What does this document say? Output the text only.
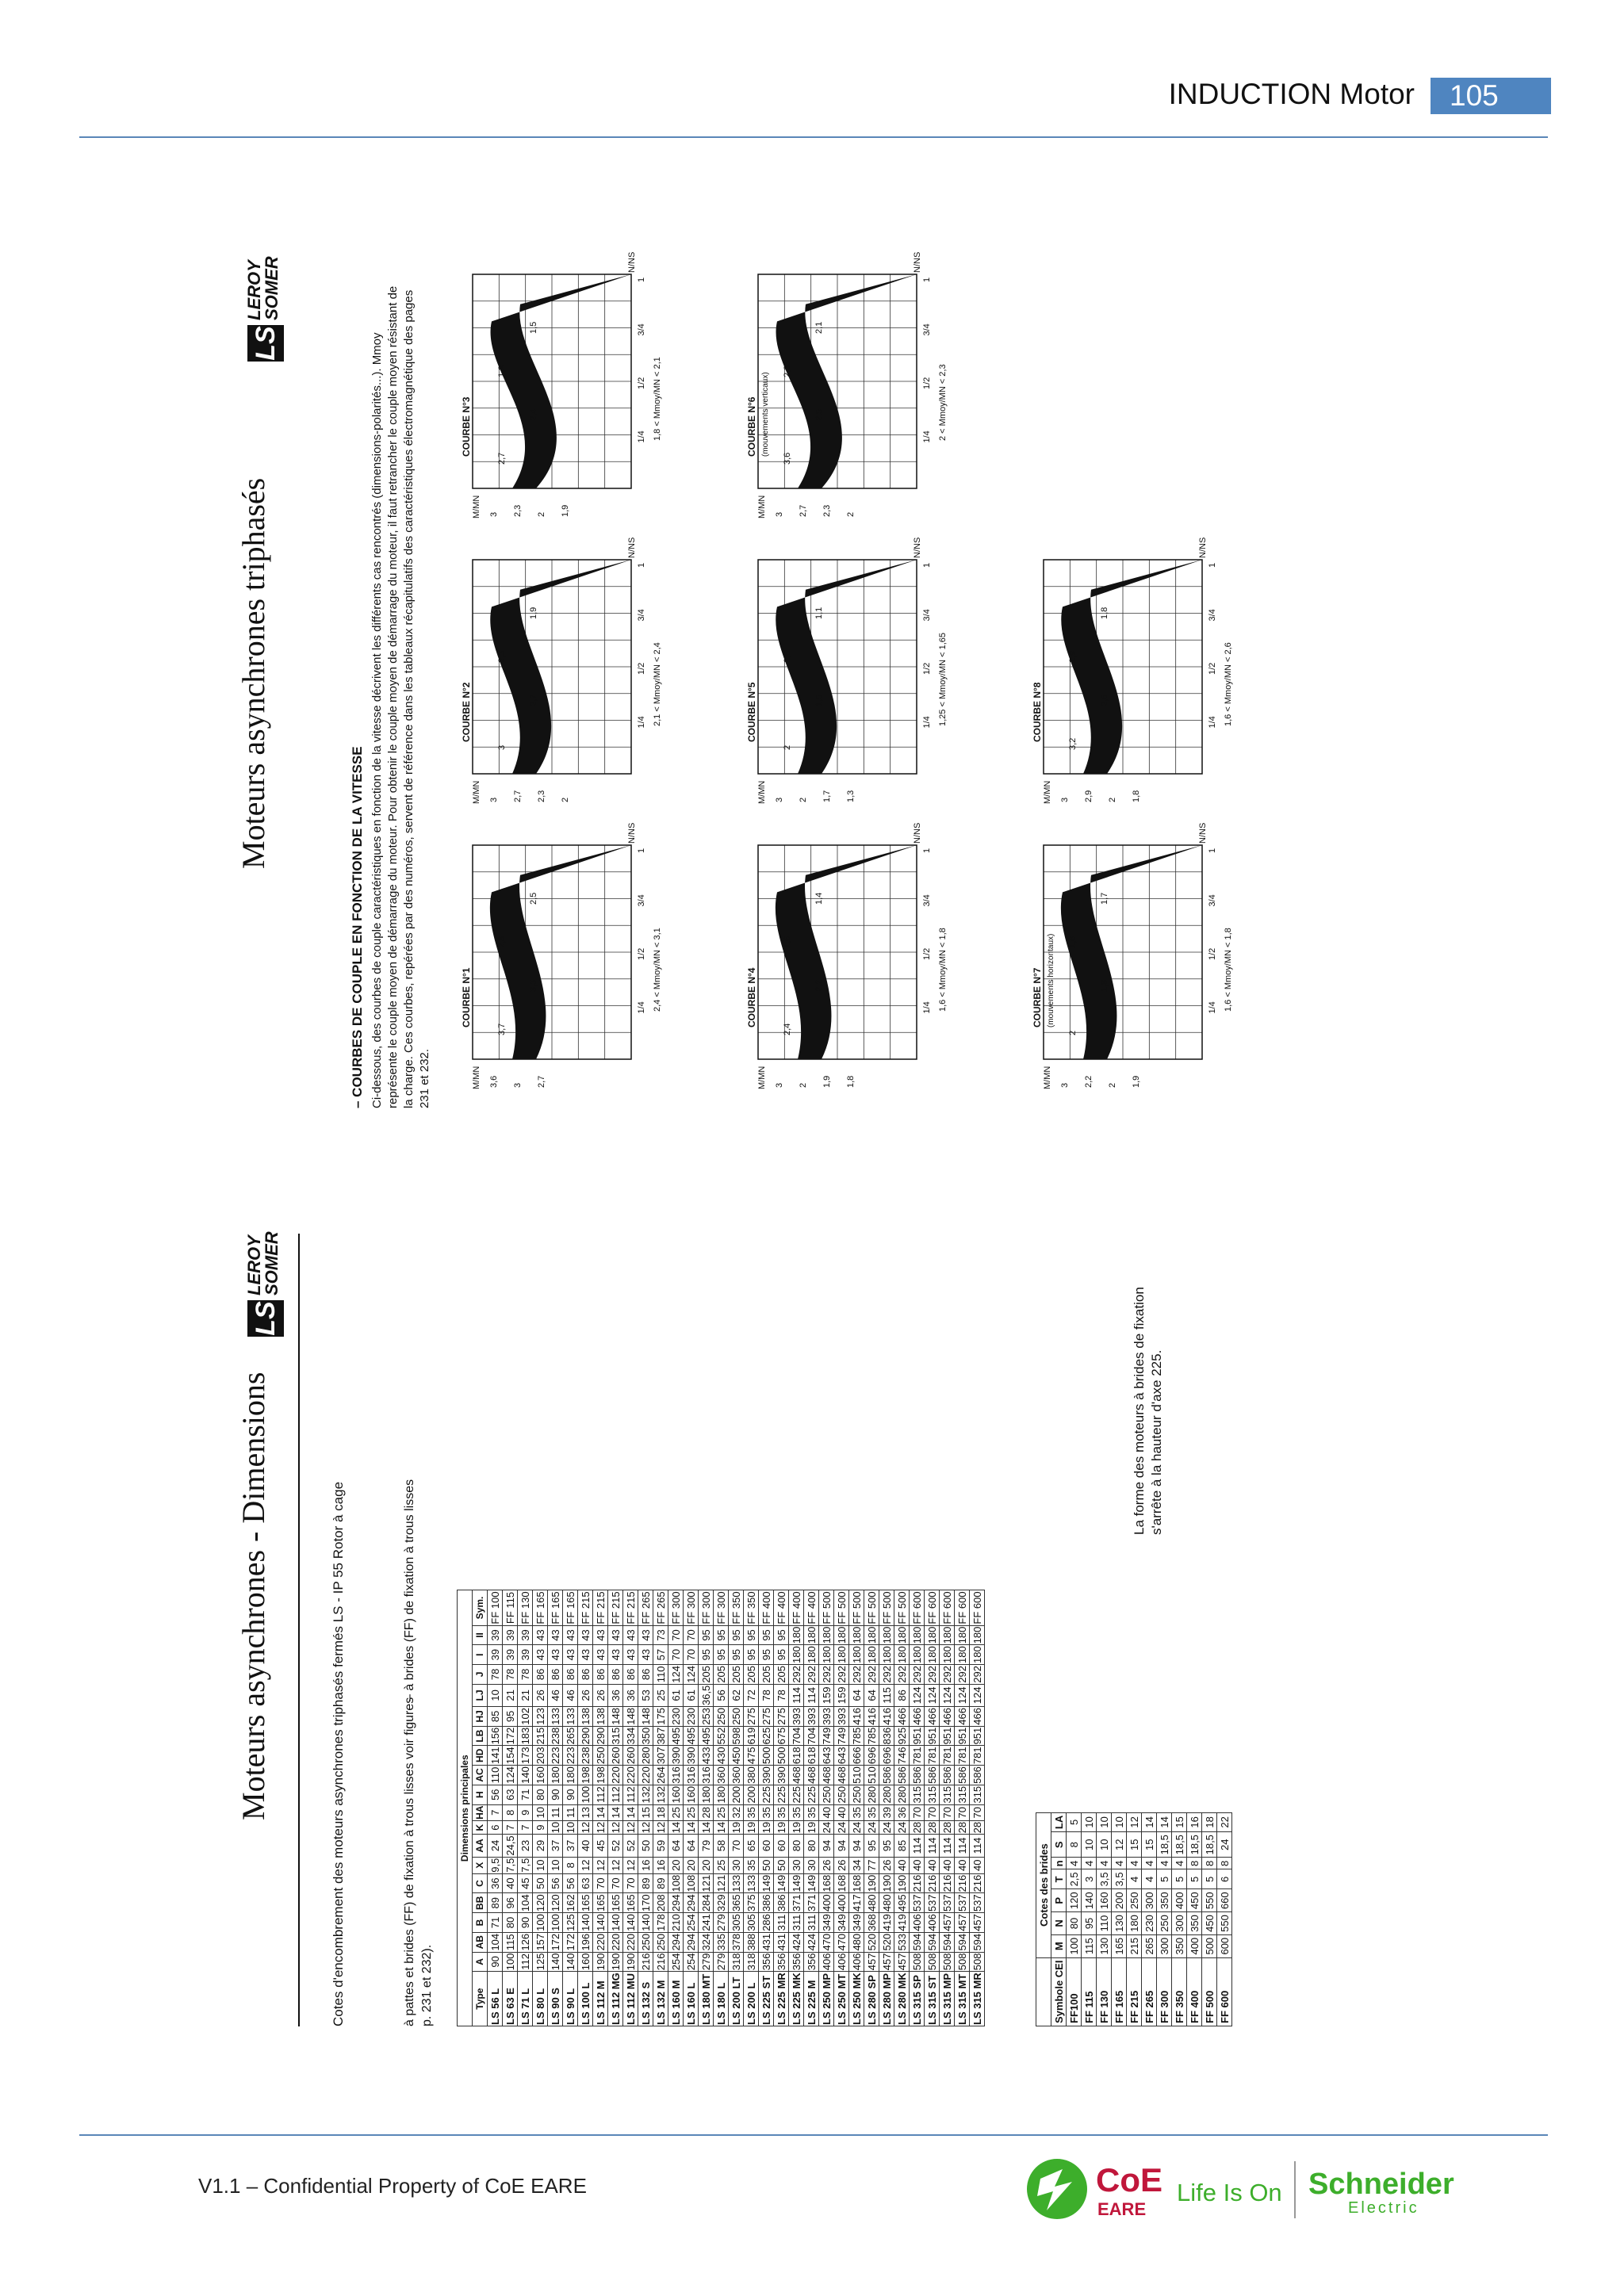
INDUCTION Motor	105
Moteurs asynchrones - Dimensions
LS
LEROY SOMER
Cotes d'encombrement des moteurs asynchrones triphasés fermés LS - IP 55 Rotor à cage	à pattes et brides (FF) de fixation à trous lisses voir figures p. 231 et 232).
– à brides (FF) de fixation à trous lisses
Dimensions principales																			
Type	A	AB	B	BB	C	X	AA	K	HA	H	AC	HD	LB	HJ	LJ	J	I	II	Sym.
LS 56 L	90	104	71	89	36	9,5	24	6	7	56	110	141	156	85	10	78	39	39	FF 100
LS 63 E	100	115	80	96	40	7,5	24,5	7	8	63	124	154	172	95	21	78	39	39	FF 115
LS 71 L	112	126	90	104	45	7,5	23	7	9	71	140	173	183	102	21	78	39	39	FF 130
LS 80 L	125	157	100	120	50	10	29	9	10	80	160	203	215	123	26	86	43	43	FF 165
LS 90 S	140	172	100	120	56	10	37	10	11	90	180	223	238	133	46	86	43	43	FF 165
LS 90 L	140	172	125	162	56	8	37	10	11	90	180	223	265	133	46	86	43	43	FF 165
LS 100 L	160	196	140	165	63	12	40	12	13	100	198	238	290	138	26	86	43	43	FF 215
LS 112 M	190	220	140	165	70	12	45	12	14	112	198	250	290	138	26	86	43	43	FF 215
LS 112 MG	190	220	140	165	70	12	52	12	14	112	220	260	315	148	36	86	43	43	FF 215
LS 112 MU	190	220	140	165	70	12	52	12	14	112	220	260	334	148	36	86	43	43	FF 215
LS 132 S	216	250	140	170	89	16	50	12	15	132	220	280	350	148	53	86	43	43	FF 265
LS 132 M	216	250	178	208	89	16	59	12	18	132	264	307	387	175	25	110	57	73	FF 265
LS 160 M	254	294	210	294	108	20	64	14	25	160	316	390	495	230	61	124	70	70	FF 300
LS 160 L	254	294	254	294	108	20	64	14	25	160	316	390	495	230	61	124	70	70	FF 300
LS 180 MT	279	324	241	284	121	20	79	14	28	180	316	433	495	253	36,5	205	95	95	FF 300
LS 180 L	279	335	279	329	121	25	58	14	25	180	360	430	552	250	56	205	95	95	FF 300
LS 200 LT	318	378	305	365	133	30	70	19	32	200	360	450	598	250	62	205	95	95	FF 350
LS 200 L	318	388	305	375	133	35	65	19	35	200	380	475	619	275	72	205	95	95	FF 350
LS 225 ST	356	431	286	386	149	50	60	19	35	225	390	500	625	275	78	205	95	95	FF 400
LS 225 MR	356	431	311	386	149	50	60	19	35	225	390	500	675	275	78	205	95	95	FF 400
LS 225 MK	356	424	311	371	149	30	80	19	35	225	468	618	704	393	114	292	180	180	FF 400
LS 225 M	356	424	311	371	149	30	80	19	35	225	468	618	704	393	114	292	180	180	FF 400
LS 250 MP	406	470	349	400	168	26	94	24	40	250	468	643	749	393	159	292	180	180	FF 500
LS 250 MT	406	470	349	400	168	26	94	24	40	250	468	643	749	393	159	292	180	180	FF 500
LS 250 MK	406	480	349	417	168	34	94	24	35	250	510	666	785	416	64	292	180	180	FF 500
LS 280 SP	457	520	368	480	190	77	95	24	35	280	510	696	785	416	64	292	180	180	FF 500
LS 280 MP	457	520	419	480	190	26	95	24	39	280	586	696	836	416	115	292	180	180	FF 500
LS 280 MK	457	533	419	495	190	40	85	24	36	280	586	746	925	466	86	292	180	180	FF 500
LS 315 SP	508	594	406	537	216	40	114	28	70	315	586	781	951	466	124	292	180	180	FF 600
LS 315 ST	508	594	406	537	216	40	114	28	70	315	586	781	951	466	124	292	180	180	FF 600
LS 315 MP	508	594	457	537	216	40	114	28	70	315	586	781	951	466	124	292	180	180	FF 600
LS 315 MT	508	594	457	537	216	40	114	28	70	315	586	781	951	466	124	292	180	180	FF 600
LS 315 MR	508	594	457	537	216	40	114	28	70	315	586	781	951	466	124	292	180	180	FF 600
	Cotes des brides						
Symbole CEI	M	N	P	T	n	S	LA
FF100	100	80	120	2,5	4	8	5
FF 115	115	95	140	3	4	10	10
FF 130	130	110	160	3,5	4	10	10
FF 165	165	130	200	3,5	4	12	10
FF 215	215	180	250	4	4	15	12
FF 265	265	230	300	4	4	15	14
FF 300	300	250	350	5	4	18,5	14
FF 350	350	300	400	5	4	18,5	15
FF 400	400	350	450	5	8	18,5	16
FF 500	500	450	550	5	8	18,5	18
FF 600	600	550	660	6	8	24	22
La forme des moteurs à brides de fixation s'arrête à la hauteur d'axe 225.
Moteurs asynchrones triphasés
LS
LEROY SOMER
– COURBES DE COUPLE EN FONCTION DE LA VITESSE Ci-dessous, des courbes de couple caractéristiques en fonction de la vitesse décrivent les différents cas rencontrés (dimensions-polarités...). Mmoy représente le couple moyen de démarrage du moteur. Pour obtenir le couple moyen de démarrage du moteur, il faut retrancher le couple moyen résistant de la charge. Ces courbes, repérées par des numéros, servent de référence dans les tableaux récapitulatifs des caractéristiques électromagnétique des pages 231 et 232.
COURBE N°1
3,6 3 2,7
M/MN
1/4
1/2
3/4
1
N/NS
3,7
3,3
2,8
2,5
2,4 < Mmoy/MN < 3,1
COURBE N°2
3 2,7 2,3 2
M/MN
1/4
1/2
3/4
1
N/NS
3
2,7
2,3
1,9
2,1 < Mmoy/MN < 2,4
COURBE N°3
3 2,3 2 1,9
M/MN
1/4
1/2
3/4
1
N/NS
2,7
2,4
1,9
1,5
1,8 < Mmoy/MN < 2,1
COURBE N°4
3 2 1,9 1,8
M/MN
1/4
1/2
3/4
1
N/NS
2,4
2,2
1,6
1,4
1,6 < Mmoy/MN < 1,8
COURBE N°5
3 2 1,7 1,3
M/MN
1/4
1/2
3/4
1
N/NS
2
1,5
1,6
1,1
1,25 < Mmoy/MN < 1,65
COURBE N°6 (mouvements verticaux)
3 2,7 2,3 2
M/MN
1/4
1/2
3/4
1
N/NS
3,6
2,5
2,35
2,1
2 < Mmoy/MN < 2,3
COURBE N°7 (mouvements horizontaux)
3 2,2 2 1,9
M/MN
1/4
1/2
3/4
1
N/NS
2
1,8
1,6
1,7
1,6 < Mmoy/MN < 1,8
COURBE N°8
3 2,9 2 1,8
M/MN
1/4
1/2
3/4
1
N/NS
3,2
2,6
1,9
1,8
1,6 < Mmoy/MN < 2,6
V1.1 – Confidential Property of CoE EARE	CoE
EARE
Life Is On Schneider
Electric
